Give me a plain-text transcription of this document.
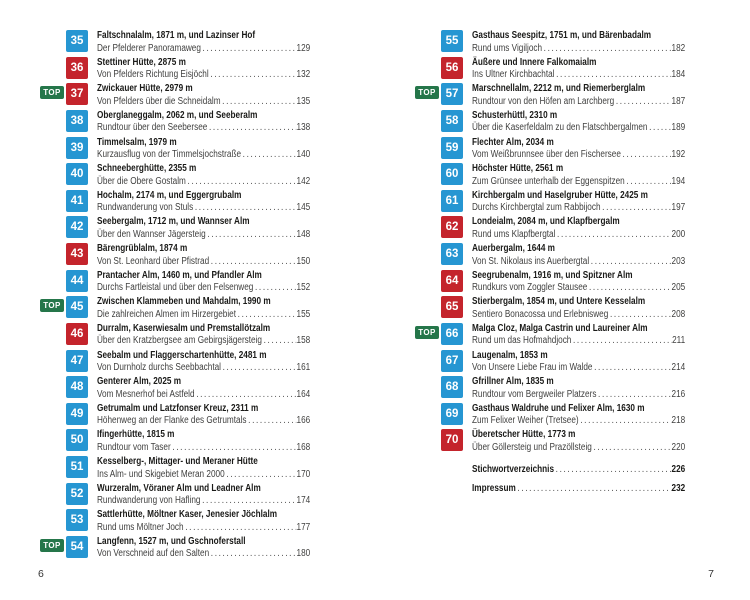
35	Faltschnalalm, 1871 m, und Lazinser Hof
Der Pfelderer Panoramaweg .....	129
36	Stettiner Hütte, 2875 m
Von Pfelders Richtung Eisjöchl .....	132
TOP 37	Zwickauer Hütte, 2979 m
Von Pfelders über die Schneidalm .....	135
38	Oberglaneggalm, 2062 m, und Seeberalm
Rundtour über den Seebersee .....	138
39	Timmelsalm, 1979 m
Kurzausflug von der Timmelsjochstraße .....	140
40	Schneeberghütte, 2355 m
Über die Obere Gostalm .....	142
41	Hochalm, 2174 m, und Eggergrubalm
Rundwanderung von Stuls .....	145
42	Seebergalm, 1712 m, und Wannser Alm
Über den Wannser Jägersteig .....	148
43	Bärengrüblalm, 1874 m
Von St. Leonhard über Pfistrad .....	150
44	Prantacher Alm, 1460 m, und Pfandler Alm
Durchs Fartleistal und über den Felsenweg .....	152
TOP 45	Zwischen Klammeben und Mahdalm, 1990 m
Die zahlreichen Almen im Hirzergebiet .....	155
46	Durralm, Kaserwiesalm und Premstallötzalm
Über den Kratzbergsee am Gebirgsjägersteig .....	158
47	Seebalm und Flaggerschartenhütte, 2481 m
Von Durnholz durchs Seebbachtal .....	161
48	Genterer Alm, 2025 m
Vom Mesnerhof bei Astfeld .....	164
49	Getrumalm und Latzfonser Kreuz, 2311 m
Höhenweg an der Flanke des Getrumtals .....	166
50	Ifingerhütte, 1815 m
Rundtour vom Taser .....	168
51	Kesselberg-, Mittager- und Meraner Hütte
Ins Alm- und Skigebiet Meran 2000 .....	170
52	Wurzeralm, Vöraner Alm und Leadner Alm
Rundwanderung von Hafling .....	174
53	Sattlerhütte, Möltner Kaser, Jenesier Jöchlalm
Rund ums Möltner Joch .....	177
TOP 54	Langfenn, 1527 m, und Gschnoferstall
Von Verschneid auf den Salten .....	180
6
55	Gasthaus Seespitz, 1751 m, und Bärenbadalm
Rund ums Vigiljoch .....	182
56	Äußere und Innere Falkomaialm
Ins Ultner Kirchbachtal .....	184
TOP 57	Marschnellalm, 2212 m, und Riemerberglalm
Rundtour von den Höfen am Larchberg .....	187
58	Schusterhüttl, 2310 m
Über die Kaserfeldalm zu den Flatschbergalmen ..... 189
59	Flechter Alm, 2034 m
Vom Weißbrunnsee über den Fischersee .....	192
60	Höchster Hütte, 2561 m
Zum Grünsee unterhalb der Eggenspitzen .....	194
61	Kirchbergalm und Haselgruber Hütte, 2425 m
Durchs Kirchbergtal zum Rabbijoch .....	197
62	Londeialm, 2084 m, und Klapfbergalm
Rund ums Klapfbergtal .....	200
63	Auerbergalm, 1644 m
Von St. Nikolaus ins Auerbergtal .....	203
64	Seegrubenalm, 1916 m, und Spitzner Alm
Rundkurs vom Zoggler Stausee .....	205
65	Stierbergalm, 1854 m, und Untere Kesselalm
Sentiero Bonacossa und Erlebnisweg .....	208
TOP 66	Malga Cloz, Malga Castrin und Laureiner Alm
Rund um das Hofmahdjoch .....	211
67	Laugenalm, 1853 m
Von Unsere Liebe Frau im Walde .....	214
68	Gfrillner Alm, 1835 m
Rundtour vom Bergweiler Platzers .....	216
69	Gasthaus Waldruhe und Felixer Alm, 1630 m
Zum Felixer Weiher (Tretsee) .....	218
70	Überetscher Hütte, 1773 m
Über Göllersteig und Prazöllsteig .....	220
Stichwortverzeichnis .....	226
Impressum .....	232
7
